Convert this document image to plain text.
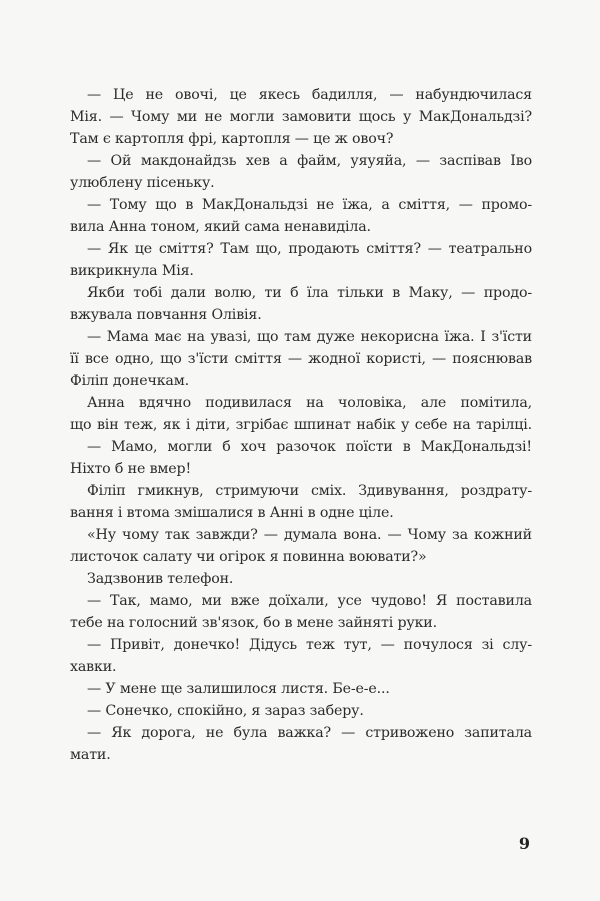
— Це не овочі, це якесь бадилля, — набундючилася
Мія. — Чому ми не могли замовити щось у МакДональдзі?
Там є картопля фрі, картопля — це ж овоч?
— Ой макдонайдзь хев а файм, уяуяйа, — заспівав Іво
улюблену пісеньку.
— Тому що в МакДональдзі не їжа, а сміття, — промо-
вила Анна тоном, який сама ненавиділа.
— Як це сміття? Там що, продають сміття? — театрально
викрикнула Мія.
Якби тобі дали волю, ти б їла тільки в Маку, — продо-
вжувала повчання Олівія.
— Мама має на увазі, що там дуже некорисна їжа. І з'їсти
її все одно, що з'їсти сміття — жодної користі, — пояснював
Філіп донечкам.
Анна вдячно подивилася на чоловіка, але помітила,
що він теж, як і діти, згрібає шпинат набік у себе на тарілці.
— Мамо, могли б хоч разочок поїсти в МакДональдзі!
Ніхто б не вмер!
Філіп гмикнув, стримуючи сміх. Здивування, роздрату-
вання і втома змішалися в Анні в одне ціле.
«Ну чому так завжди? — думала вона. — Чому за кожний
листочок салату чи огірок я повинна воювати?»
Задзвонив телефон.
— Так, мамо, ми вже доїхали, усе чудово! Я поставила
тебе на голосний зв'язок, бо в мене зайняті руки.
— Привіт, донечко! Дідусь теж тут, — почулося зі слу-
хавки.
— У мене ще залишилося листя. Бе-е-е...
— Сонечко, спокійно, я зараз заберу.
— Як дорога, не була важка? — стривожено запитала
мати.
9
